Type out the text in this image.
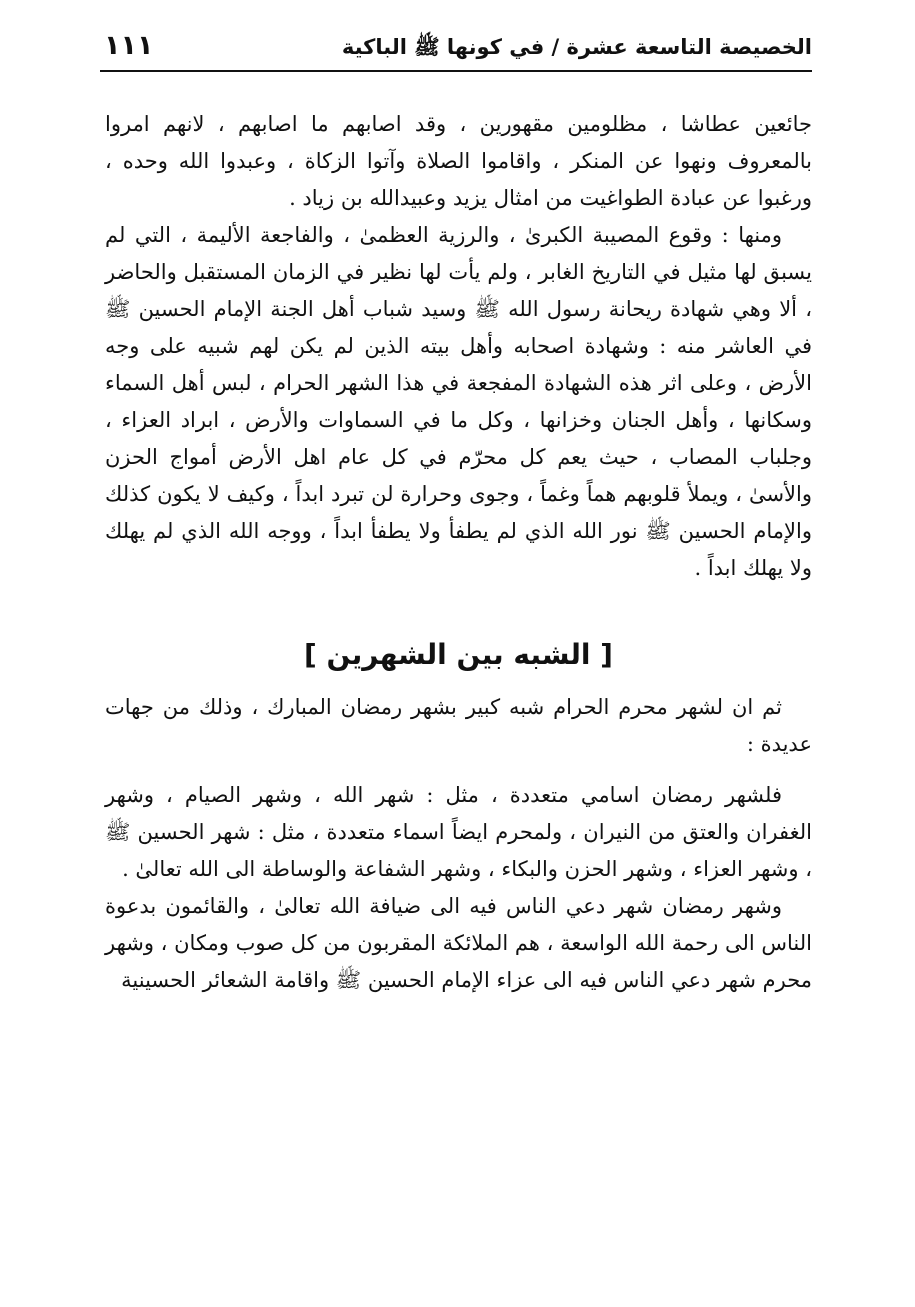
١١١	الخصيصة التاسعة عشرة / في كونها ﷺ الباكية

جائعين عطاشا ، مظلومين مقهورين ، وقد اصابهم ما اصابهم ، لانهم امروا بالمعروف ونهوا عن المنكر ، واقاموا الصلاة وآتوا الزكاة ، وعبدوا الله وحده ، ورغبوا عن عبادة الطواغيت من امثال يزيد وعبيدالله بن زياد .

ومنها : وقوع المصيبة الكبرىٰ ، والرزية العظمىٰ ، والفاجعة الأليمة ، التي لم يسبق لها مثيل في التاريخ الغابر ، ولم يأت لها نظير في الزمان المستقبل والحاضر ، ألا وهي شهادة ريحانة رسول الله ﷺ وسيد شباب أهل الجنة الإمام الحسين ﷺ في العاشر منه : وشهادة اصحابه وأهل بيته الذين لم يكن لهم شبيه على وجه الأرض ، وعلى اثر هذه الشهادة المفجعة في هذا الشهر الحرام ، لبس أهل السماء وسكانها ، وأهل الجنان وخزانها ، وكل ما في السماوات والأرض ، ابراد العزاء ، وجلباب المصاب ، حيث يعم كل محرّم في كل عام اهل الأرض أمواج الحزن والأسىٰ ، ويملأ قلوبهم هماً وغماً ، وجوى وحرارة لن تبرد ابداً ، وكيف لا يكون كذلك والإمام الحسين ﷺ نور الله الذي لم يطفأ ولا يطفأ ابداً ، ووجه الله الذي لم يهلك ولا يهلك ابداً .

[ الشبه بين الشهرين ]

ثم ان لشهر محرم الحرام شبه كبير بشهر رمضان المبارك ، وذلك من جهات عديدة :

فلشهر رمضان اسامي متعددة ، مثل : شهر الله ، وشهر الصيام ، وشهر الغفران والعتق من النيران ، ولمحرم ايضاً اسماء متعددة ، مثل : شهر الحسين ﷺ ، وشهر العزاء ، وشهر الحزن والبكاء ، وشهر الشفاعة والوساطة الى الله تعالىٰ .

وشهر رمضان شهر دعي الناس فيه الى ضيافة الله تعالىٰ ، والقائمون بدعوة الناس الى رحمة الله الواسعة ، هم الملائكة المقربون من كل صوب ومكان ، وشهر محرم شهر دعي الناس فيه الى عزاء الإمام الحسين ﷺ واقامة الشعائر الحسينية
